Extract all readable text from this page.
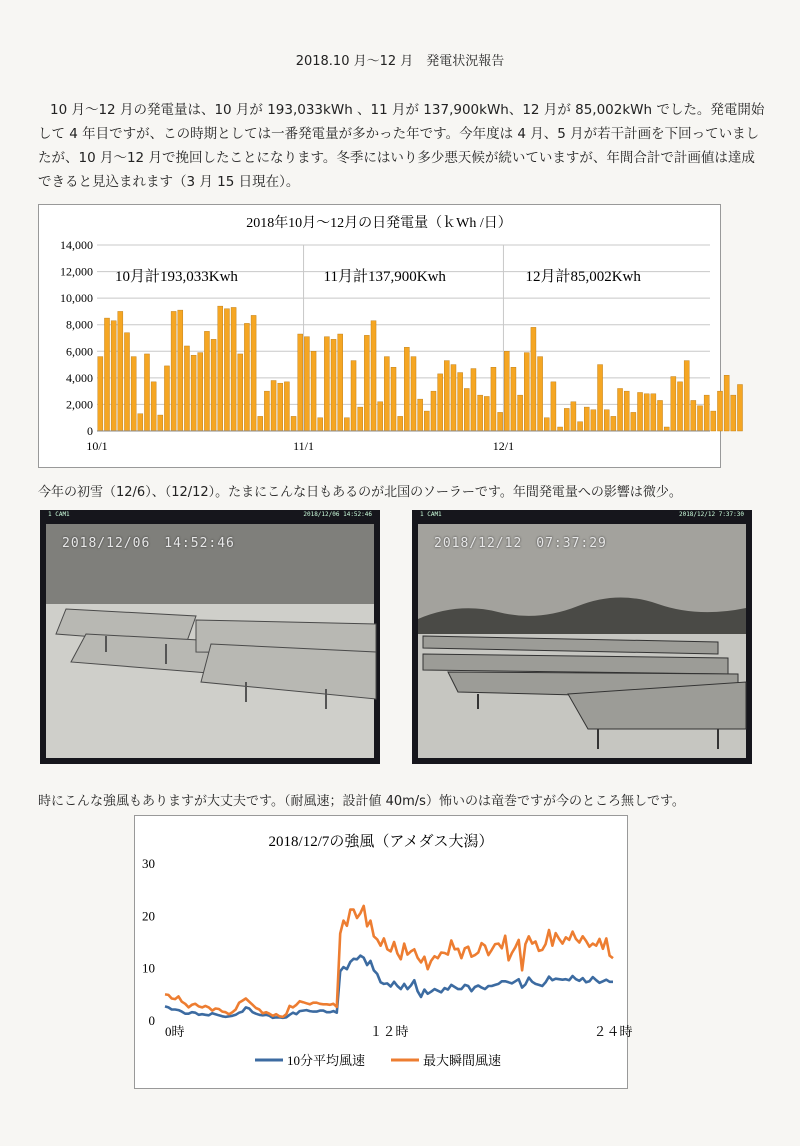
2018.10 月～12 月　発電状況報告
10 月～12 月の発電量は、10 月が 193,033kWh 、11 月が 137,900kWh、12 月が 85,002kWh でした。発電開始して 4 年目ですが、この時期としては一番発電量が多かった年です。今年度は 4 月、5 月が若干計画を下回っていましたが、10 月～12 月で挽回したことになります。冬季にはいり多少悪天候が続いていますが、年間合計で計画値は達成できると見込まれます（3 月 15 日現在）。
2018年10月～12月の日発電量（ｋWh /日）
0
2,000
4,000
6,000
8,000
10,000
12,000
14,000
10/1	11/1	12/1
10月計193,033Kwh	11月計137,900Kwh	12月計85,002Kwh
今年の初雪（12/6）、（12/12）。たまにこんな日もあるのが北国のソーラーです。年間発電量への影響は微少。
1 CAM1	2018/12/06 14:52:46
2018/12/06　14:52:46
1 CAM1	2018/12/12 7:37:30
2018/12/12　07:37:29
時にこんな強風もありますが大丈夫です。（耐風速；設計値 40m/s）怖いのは竜巻ですが今のところ無しです。
2018/12/7の強風（アメダス大潟）
0
10
20
30
0時	１２時	２４時
10分平均風速	最大瞬間風速
